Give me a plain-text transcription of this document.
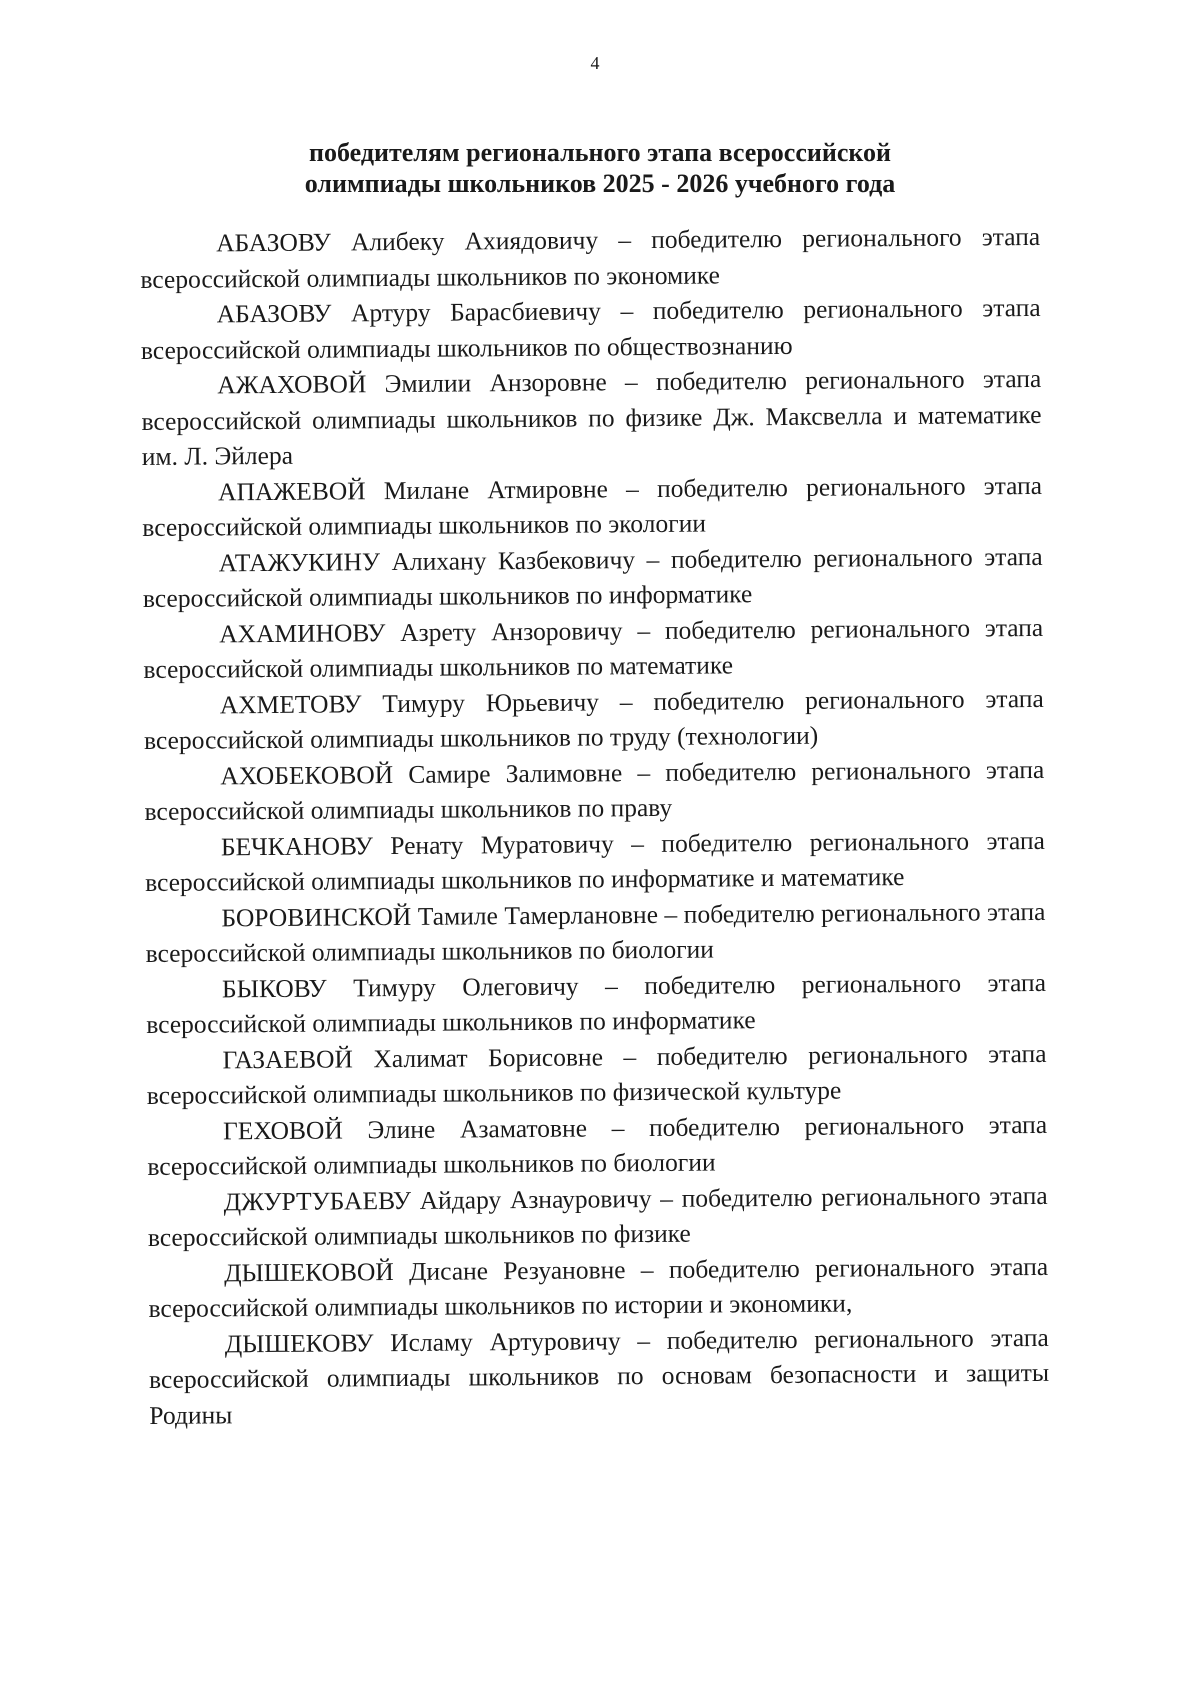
4
победителям регионального этапа всероссийской
олимпиады школьников 2025 - 2026 учебного года

АБАЗОВУ Алибеку Ахиядовичу – победителю регионального этапа всероссийской олимпиады школьников по экономике

АБАЗОВУ Артуру Барасбиевичу – победителю регионального этапа всероссийской олимпиады школьников по обществознанию

АЖАХОВОЙ Эмилии Анзоровне – победителю регионального этапа всероссийской олимпиады школьников по физике Дж. Максвелла и математике им. Л. Эйлера

АПАЖЕВОЙ Милане Атмировне – победителю регионального этапа всероссийской олимпиады школьников по экологии

АТАЖУКИНУ Алихану Казбековичу – победителю регионального этапа всероссийской олимпиады школьников по информатике

АХАМИНОВУ Азрету Анзоровичу – победителю регионального этапа всероссийской олимпиады школьников по математике

АХМЕТОВУ Тимуру Юрьевичу – победителю регионального этапа всероссийской олимпиады школьников по труду (технологии)

АХОБЕКОВОЙ Самире Залимовне – победителю регионального этапа всероссийской олимпиады школьников по праву

БЕЧКАНОВУ Ренату Муратовичу – победителю регионального этапа всероссийской олимпиады школьников по информатике и математике

БОРОВИНСКОЙ Тамиле Тамерлановне – победителю регионального этапа всероссийской олимпиады школьников по биологии

БЫКОВУ Тимуру Олеговичу – победителю регионального этапа всероссийской олимпиады школьников по информатике

ГАЗАЕВОЙ Халимат Борисовне – победителю регионального этапа всероссийской олимпиады школьников по физической культуре

ГЕХОВОЙ Элине Азаматовне – победителю регионального этапа всероссийской олимпиады школьников по биологии

ДЖУРТУБАЕВУ Айдару Азнауровичу – победителю регионального этапа всероссийской олимпиады школьников по физике

ДЫШЕКОВОЙ Дисане Резуановне – победителю регионального этапа всероссийской олимпиады школьников по истории и экономики,

ДЫШЕКОВУ Исламу Артуровичу – победителю регионального этапа всероссийской олимпиады школьников по основам безопасности и защиты Родины
